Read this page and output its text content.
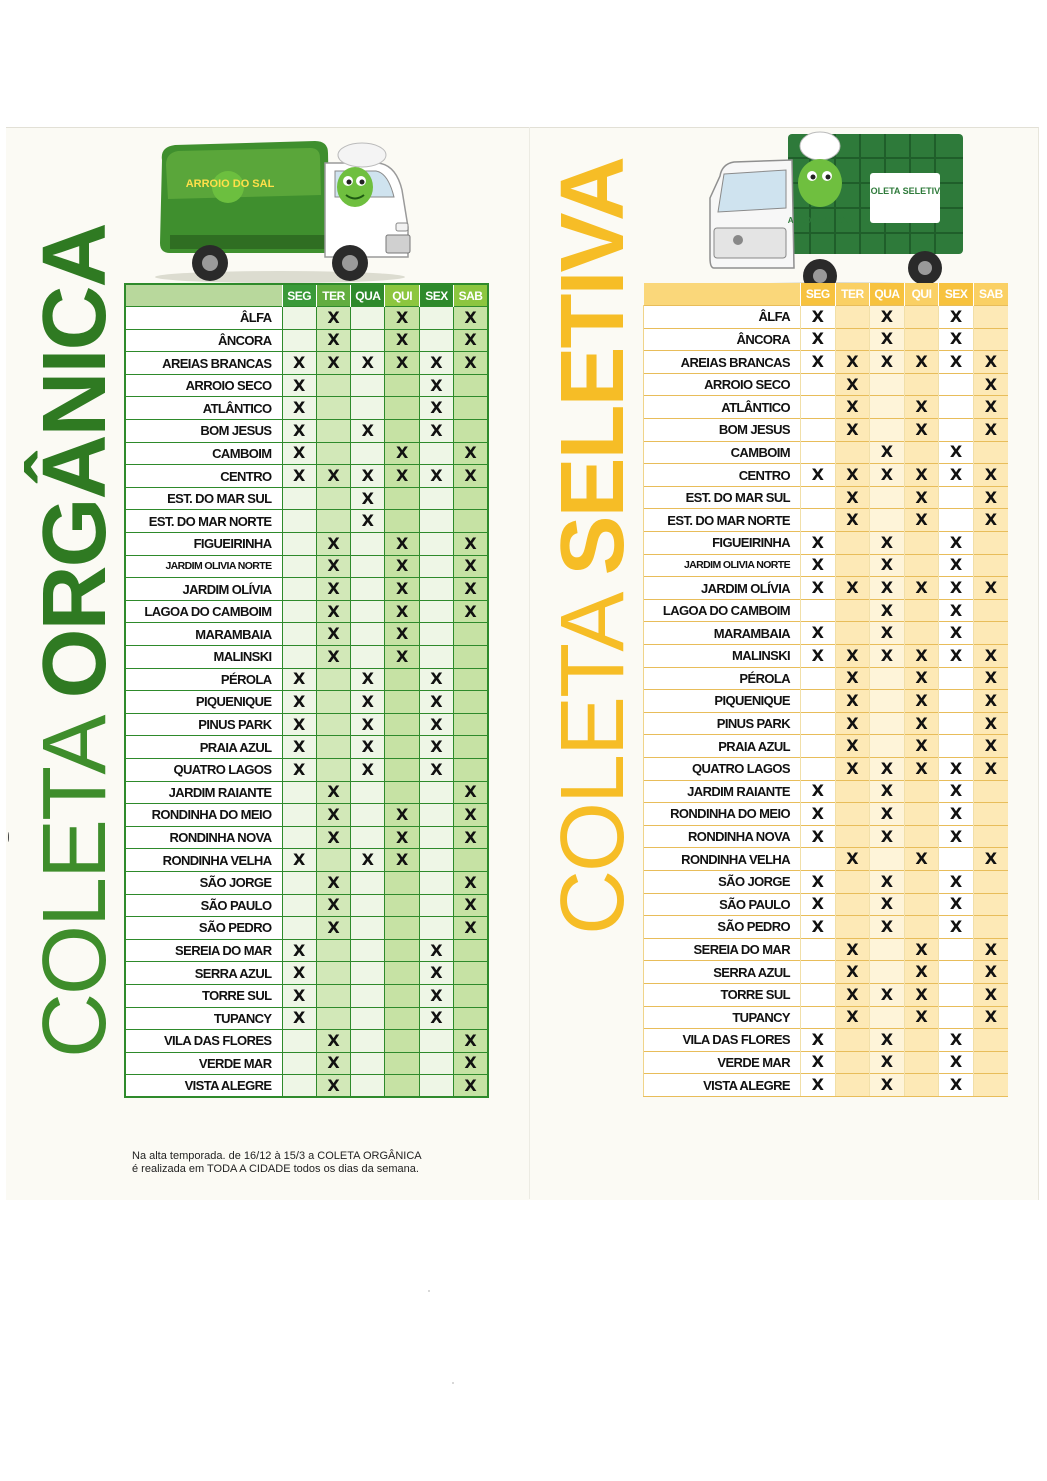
COLETA ORGÂNICA
COLETA SELETIVA
ARROIO DO SAL
COLETA SELETIVA
ARROIO DO SAL
	SEG	TER	QUA	QUI	SEX	SAB
ÂLFA		X		X		X
ÂNCORA		X		X		X
AREIAS BRANCAS	X	X	X	X	X	X
ARROIO SECO	X				X	
ATLÂNTICO	X				X	
BOM JESUS	X		X		X	
CAMBOIM	X			X		X
CENTRO	X	X	X	X	X	X
EST. DO MAR SUL			X			
EST. DO MAR NORTE			X			
FIGUEIRINHA		X		X		X
JARDIM OLIVIA NORTE		X		X		X
JARDIM OLÍVIA		X		X		X
LAGOA DO CAMBOIM		X		X		X
MARAMBAIA		X		X		
MALINSKI		X		X		
PÉROLA	X		X		X	
PIQUENIQUE	X		X		X	
PINUS PARK	X		X		X	
PRAIA AZUL	X		X		X	
QUATRO LAGOS	X		X		X	
JARDIM RAIANTE		X				X
RONDINHA DO MEIO		X		X		X
RONDINHA NOVA		X		X		X
RONDINHA VELHA	X		X	X		
SÃO JORGE		X				X
SÃO PAULO		X				X
SÃO PEDRO		X				X
SEREIA DO MAR	X				X	
SERRA AZUL	X				X	
TORRE SUL	X				X	
TUPANCY	X				X	
VILA DAS FLORES		X				X
VERDE MAR		X				X
VISTA ALEGRE		X				X
	SEG	TER	QUA	QUI	SEX	SAB
ÂLFA	X		X		X	
ÂNCORA	X		X		X	
AREIAS BRANCAS	X	X	X	X	X	X
ARROIO SECO		X				X
ATLÂNTICO		X		X		X
BOM JESUS		X		X		X
CAMBOIM			X		X	
CENTRO	X	X	X	X	X	X
EST. DO MAR SUL		X		X		X
EST. DO MAR NORTE		X		X		X
FIGUEIRINHA	X		X		X	
JARDIM OLIVIA NORTE	X		X		X	
JARDIM OLÍVIA	X	X	X	X	X	X
LAGOA DO CAMBOIM			X		X	
MARAMBAIA	X		X		X	
MALINSKI	X	X	X	X	X	X
PÉROLA		X		X		X
PIQUENIQUE		X		X		X
PINUS PARK		X		X		X
PRAIA AZUL		X		X		X
QUATRO LAGOS		X	X	X	X	X
JARDIM RAIANTE	X		X		X	
RONDINHA DO MEIO	X		X		X	
RONDINHA NOVA	X		X		X	
RONDINHA VELHA		X		X		X
SÃO JORGE	X		X		X	
SÃO PAULO	X		X		X	
SÃO PEDRO	X		X		X	
SEREIA DO MAR		X		X		X
SERRA AZUL		X		X		X
TORRE SUL		X	X	X		X
TUPANCY		X		X		X
VILA DAS FLORES	X		X		X	
VERDE MAR	X		X		X	
VISTA ALEGRE	X		X		X	
Na alta temporada. de 16/12 à 15/3 a COLETA ORGÂNICA
é realizada em TODA A CIDADE todos os dias da semana.
